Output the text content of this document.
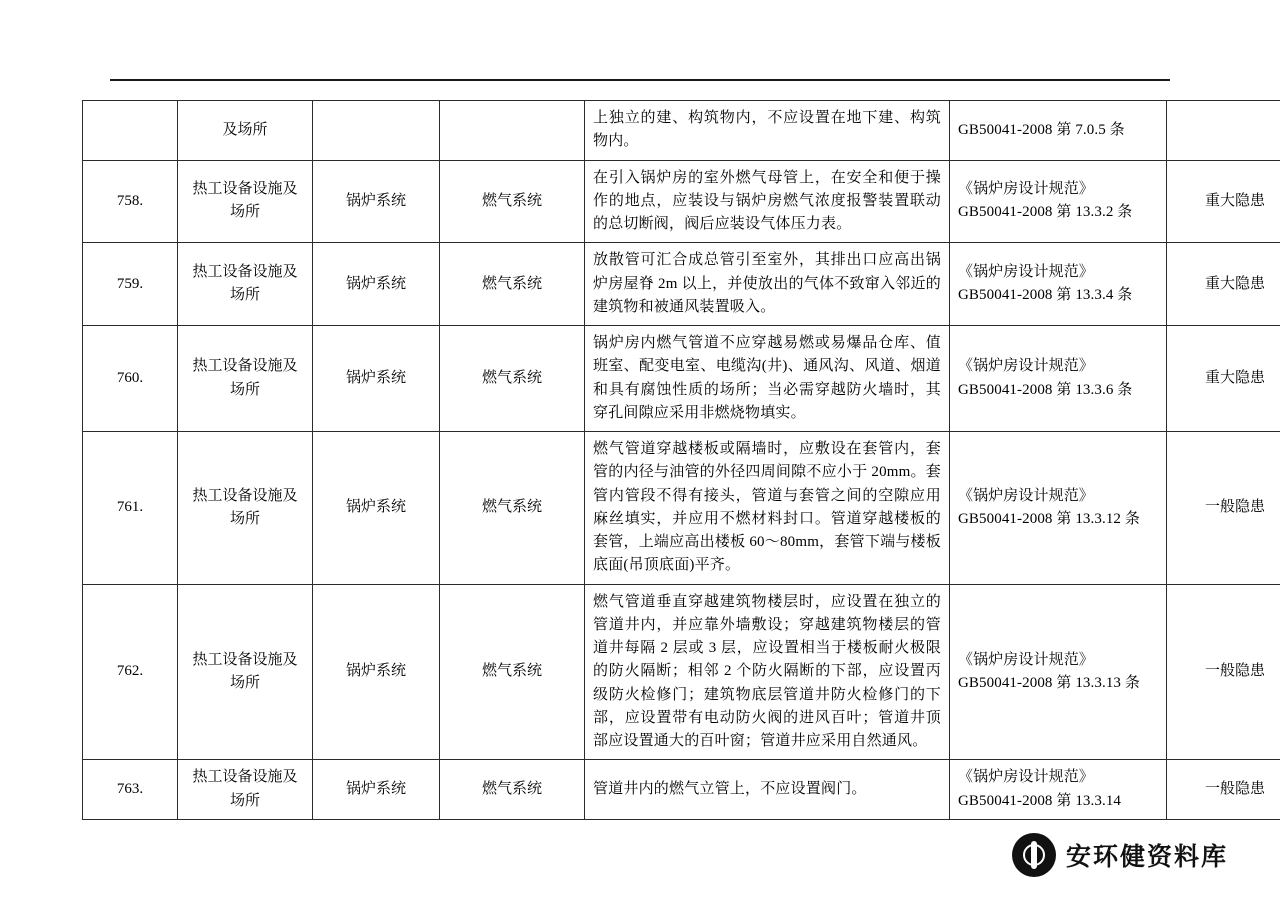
	及场所			上独立的建、构筑物内，不应设置在地下建、构筑物内。	GB50041-2008 第 7.0.5 条	

758.	热工设备设施及场所	锅炉系统	燃气系统	在引入锅炉房的室外燃气母管上，在安全和便于操作的地点，应装设与锅炉房燃气浓度报警装置联动的总切断阀，阀后应装设气体压力表。	《锅炉房设计规范》GB50041-2008 第 13.3.2 条	重大隐患
759.	热工设备设施及场所	锅炉系统	燃气系统	放散管可汇合成总管引至室外，其排出口应高出锅炉房屋脊 2m 以上，并使放出的气体不致窜入邻近的建筑物和被通风装置吸入。	《锅炉房设计规范》GB50041-2008 第 13.3.4 条	重大隐患
760.	热工设备设施及场所	锅炉系统	燃气系统	锅炉房内燃气管道不应穿越易燃或易爆品仓库、值班室、配变电室、电缆沟(井)、通风沟、风道、烟道和具有腐蚀性质的场所；当必需穿越防火墙时，其穿孔间隙应采用非燃烧物填实。	《锅炉房设计规范》GB50041-2008 第 13.3.6 条	重大隐患
761.	热工设备设施及场所	锅炉系统	燃气系统	燃气管道穿越楼板或隔墙时，应敷设在套管内，套管的内径与油管的外径四周间隙不应小于 20mm。套管内管段不得有接头，管道与套管之间的空隙应用麻丝填实，并应用不燃材料封口。管道穿越楼板的套管，上端应高出楼板 60～80mm，套管下端与楼板底面(吊顶底面)平齐。	《锅炉房设计规范》GB50041-2008 第 13.3.12 条	一般隐患
762.	热工设备设施及场所	锅炉系统	燃气系统	燃气管道垂直穿越建筑物楼层时，应设置在独立的管道井内，并应靠外墙敷设；穿越建筑物楼层的管道井每隔 2 层或 3 层，应设置相当于楼板耐火极限的防火隔断；相邻 2 个防火隔断的下部，应设置丙级防火检修门；建筑物底层管道井防火检修门的下部，应设置带有电动防火阀的进风百叶；管道井顶部应设置通大的百叶窗；管道井应采用自然通风。	《锅炉房设计规范》GB50041-2008 第 13.3.13 条	一般隐患
763.	热工设备设施及场所	锅炉系统	燃气系统	管道井内的燃气立管上，不应设置阀门。	《锅炉房设计规范》GB50041-2008 第 13.3.14	一般隐患
安环健资料库
